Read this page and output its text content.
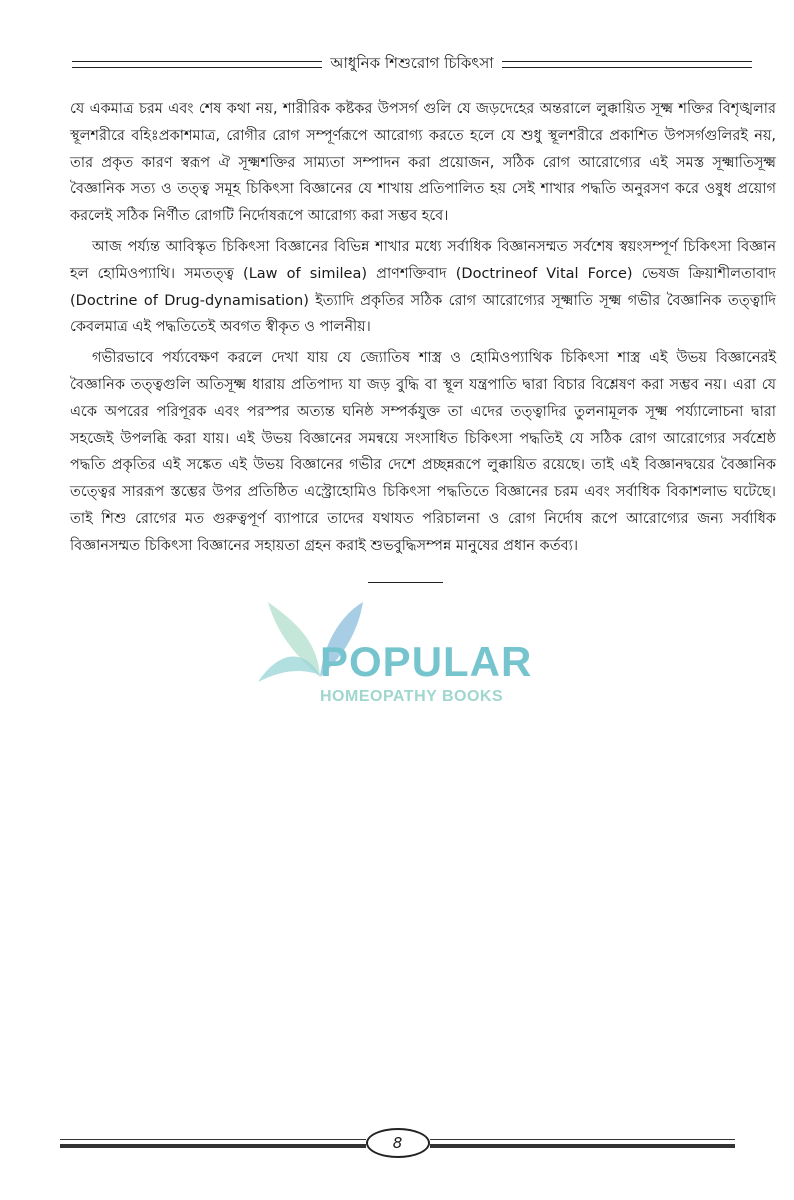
আধুনিক শিশুরোগ চিকিৎসা

যে একমাত্র চরম এবং শেষ কথা নয়, শারীরিক কষ্টকর উপসর্গ গুলি যে জড়দেহের অন্তরালে লুক্কায়িত সূক্ষ্ম শক্তির বিশৃঙ্খলার স্থূলশরীরে বহিঃপ্রকাশমাত্র, রোগীর রোগ সম্পূর্ণরূপে আরোগ্য করতে হলে যে শুধু স্থূলশরীরে প্রকাশিত উপসর্গগুলিরই নয়, তার প্রকৃত কারণ স্বরূপ ঐ সূক্ষ্মশক্তির সাম্যতা সম্পাদন করা প্রয়োজন, সঠিক রোগ আরোগ্যের এই সমস্ত সূক্ষ্মাতিসূক্ষ্ম বৈজ্ঞানিক সত্য ও তত্ত্ব সমূহ চিকিৎসা বিজ্ঞানের যে শাখায় প্রতিপালিত হয় সেই শাখার পদ্ধতি অনুরসণ করে ওষুধ প্রয়োগ করলেই সঠিক নির্ণীত রোগটি নির্দোষরূপে আরোগ্য করা সম্ভব হবে।

আজ পর্য্যন্ত আবিস্কৃত চিকিৎসা বিজ্ঞানের বিভিন্ন শাখার মধ্যে সর্বাধিক বিজ্ঞানসম্মত সর্বশেষ স্বয়ংসম্পূর্ণ চিকিৎসা বিজ্ঞান হল হোমিওপ্যাথি। সমতত্ত্ব (Law of similea) প্রাণশক্তিবাদ (Doctrineof Vital Force) ভেষজ ক্রিয়াশীলতাবাদ (Doctrine of Drug-dynamisation) ইত্যাদি প্রকৃতির সঠিক রোগ আরোগ্যের সূক্ষ্মাতি সূক্ষ্ম গভীর বৈজ্ঞানিক তত্ত্বাদি কেবলমাত্র এই পদ্ধতিতেই অবগত স্বীকৃত ও পালনীয়।

গভীরভাবে পর্য্যবেক্ষণ করলে দেখা যায় যে জ্যোতিষ শাস্ত্র ও হোমিওপ্যাথিক চিকিৎসা শাস্ত্র এই উভয় বিজ্ঞানেরই বৈজ্ঞানিক তত্ত্বগুলি অতিসূক্ষ্ম ধারায় প্রতিপাদ্য যা জড় বুদ্ধি বা স্থূল যন্ত্রপাতি দ্বারা বিচার বিশ্লেষণ করা সম্ভব নয়। এরা যে একে অপরের পরিপূরক এবং পরস্পর অত্যন্ত ঘনিষ্ঠ সম্পর্কযুক্ত তা এদের তত্ত্বাদির তুলনামূলক সূক্ষ্ম পর্য্যালোচনা দ্বারা সহজেই উপলব্ধি করা যায়। এই উভয় বিজ্ঞানের সমন্বয়ে সংসাধিত চিকিৎসা পদ্ধতিই যে সঠিক রোগ আরোগ্যের সর্বশ্রেষ্ঠ পদ্ধতি প্রকৃতির এই সঙ্কেত এই উভয় বিজ্ঞানের গভীর দেশে প্রচ্ছন্নরূপে লুক্কায়িত রয়েছে। তাই এই বিজ্ঞানদ্বয়ের বৈজ্ঞানিক তত্ত্বের সাররূপ স্তম্ভের উপর প্রতিষ্ঠিত এস্ট্রোহোমিও চিকিৎসা পদ্ধতিতে বিজ্ঞানের চরম এবং সর্বাধিক বিকাশলাভ ঘটেছে। তাই শিশু রোগের মত গুরুত্বপূর্ণ ব্যাপারে তাদের যথাযত পরিচালনা ও রোগ নির্দোষ রূপে আরোগ্যের জন্য সর্বাধিক বিজ্ঞানসম্মত চিকিৎসা বিজ্ঞানের সহায়তা গ্রহন করাই শুভবুদ্ধিসম্পন্ন মানুষের প্রধান কর্তব্য।

POPULAR
HOMEOPATHY BOOKS
8
